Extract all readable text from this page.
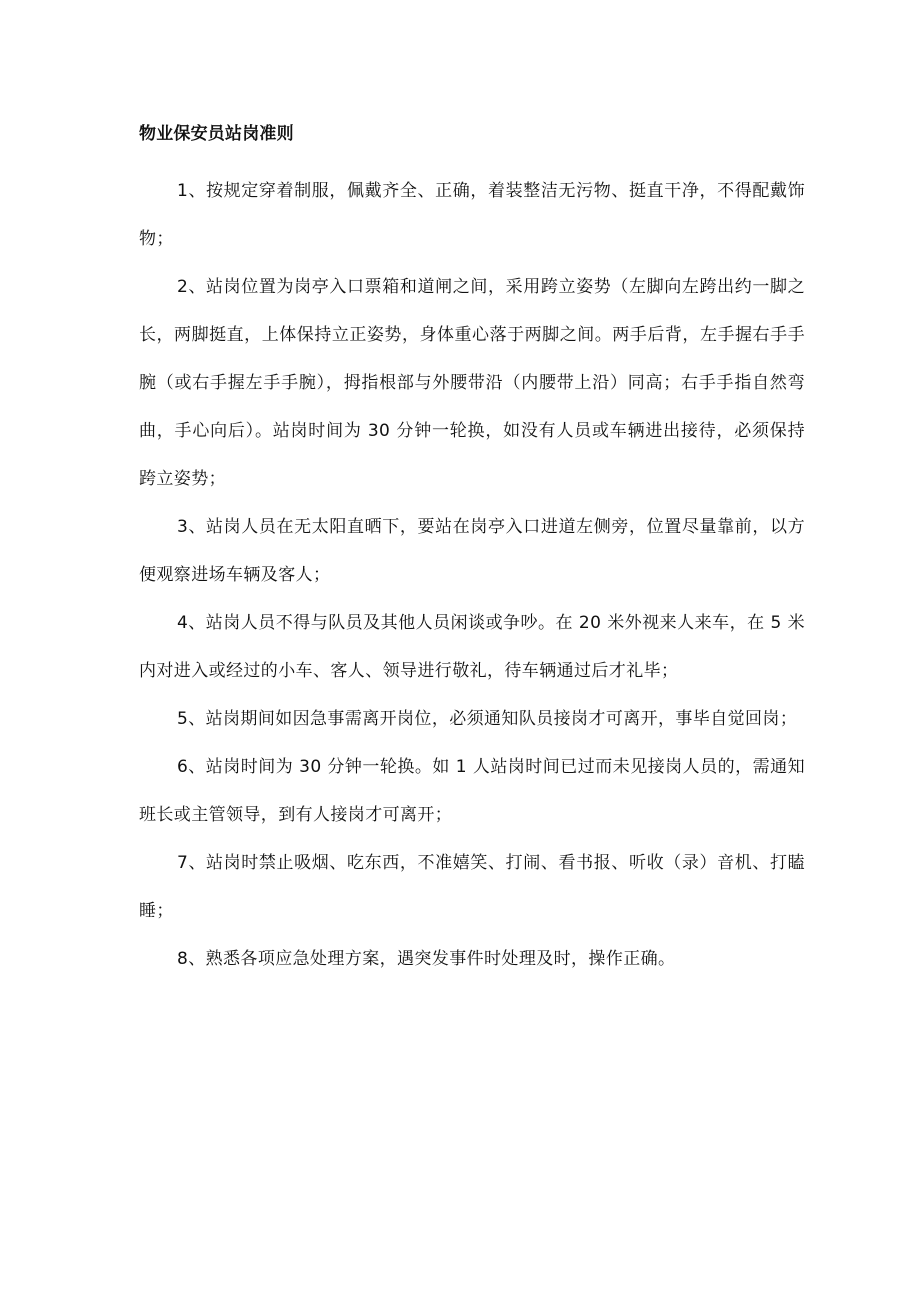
物业保安员站岗准则

1、按规定穿着制服，佩戴齐全、正确，着装整洁无污物、挺直干净，不得配戴饰物；

2、站岗位置为岗亭入口票箱和道闸之间，采用跨立姿势（左脚向左跨出约一脚之长，两脚挺直，上体保持立正姿势，身体重心落于两脚之间。两手后背，左手握右手手腕（或右手握左手手腕），拇指根部与外腰带沿（内腰带上沿）同高；右手手指自然弯曲，手心向后）。站岗时间为 30 分钟一轮换，如没有人员或车辆进出接待，必须保持跨立姿势；

3、站岗人员在无太阳直晒下，要站在岗亭入口进道左侧旁，位置尽量靠前，以方便观察进场车辆及客人；

4、站岗人员不得与队员及其他人员闲谈或争吵。在 20 米外视来人来车，在 5 米内对进入或经过的小车、客人、领导进行敬礼，待车辆通过后才礼毕；

5、站岗期间如因急事需离开岗位，必须通知队员接岗才可离开，事毕自觉回岗；

6、站岗时间为 30 分钟一轮换。如 1 人站岗时间已过而未见接岗人员的，需通知班长或主管领导，到有人接岗才可离开；

7、站岗时禁止吸烟、吃东西，不准嬉笑、打闹、看书报、听收（录）音机、打瞌睡；

8、熟悉各项应急处理方案，遇突发事件时处理及时，操作正确。
